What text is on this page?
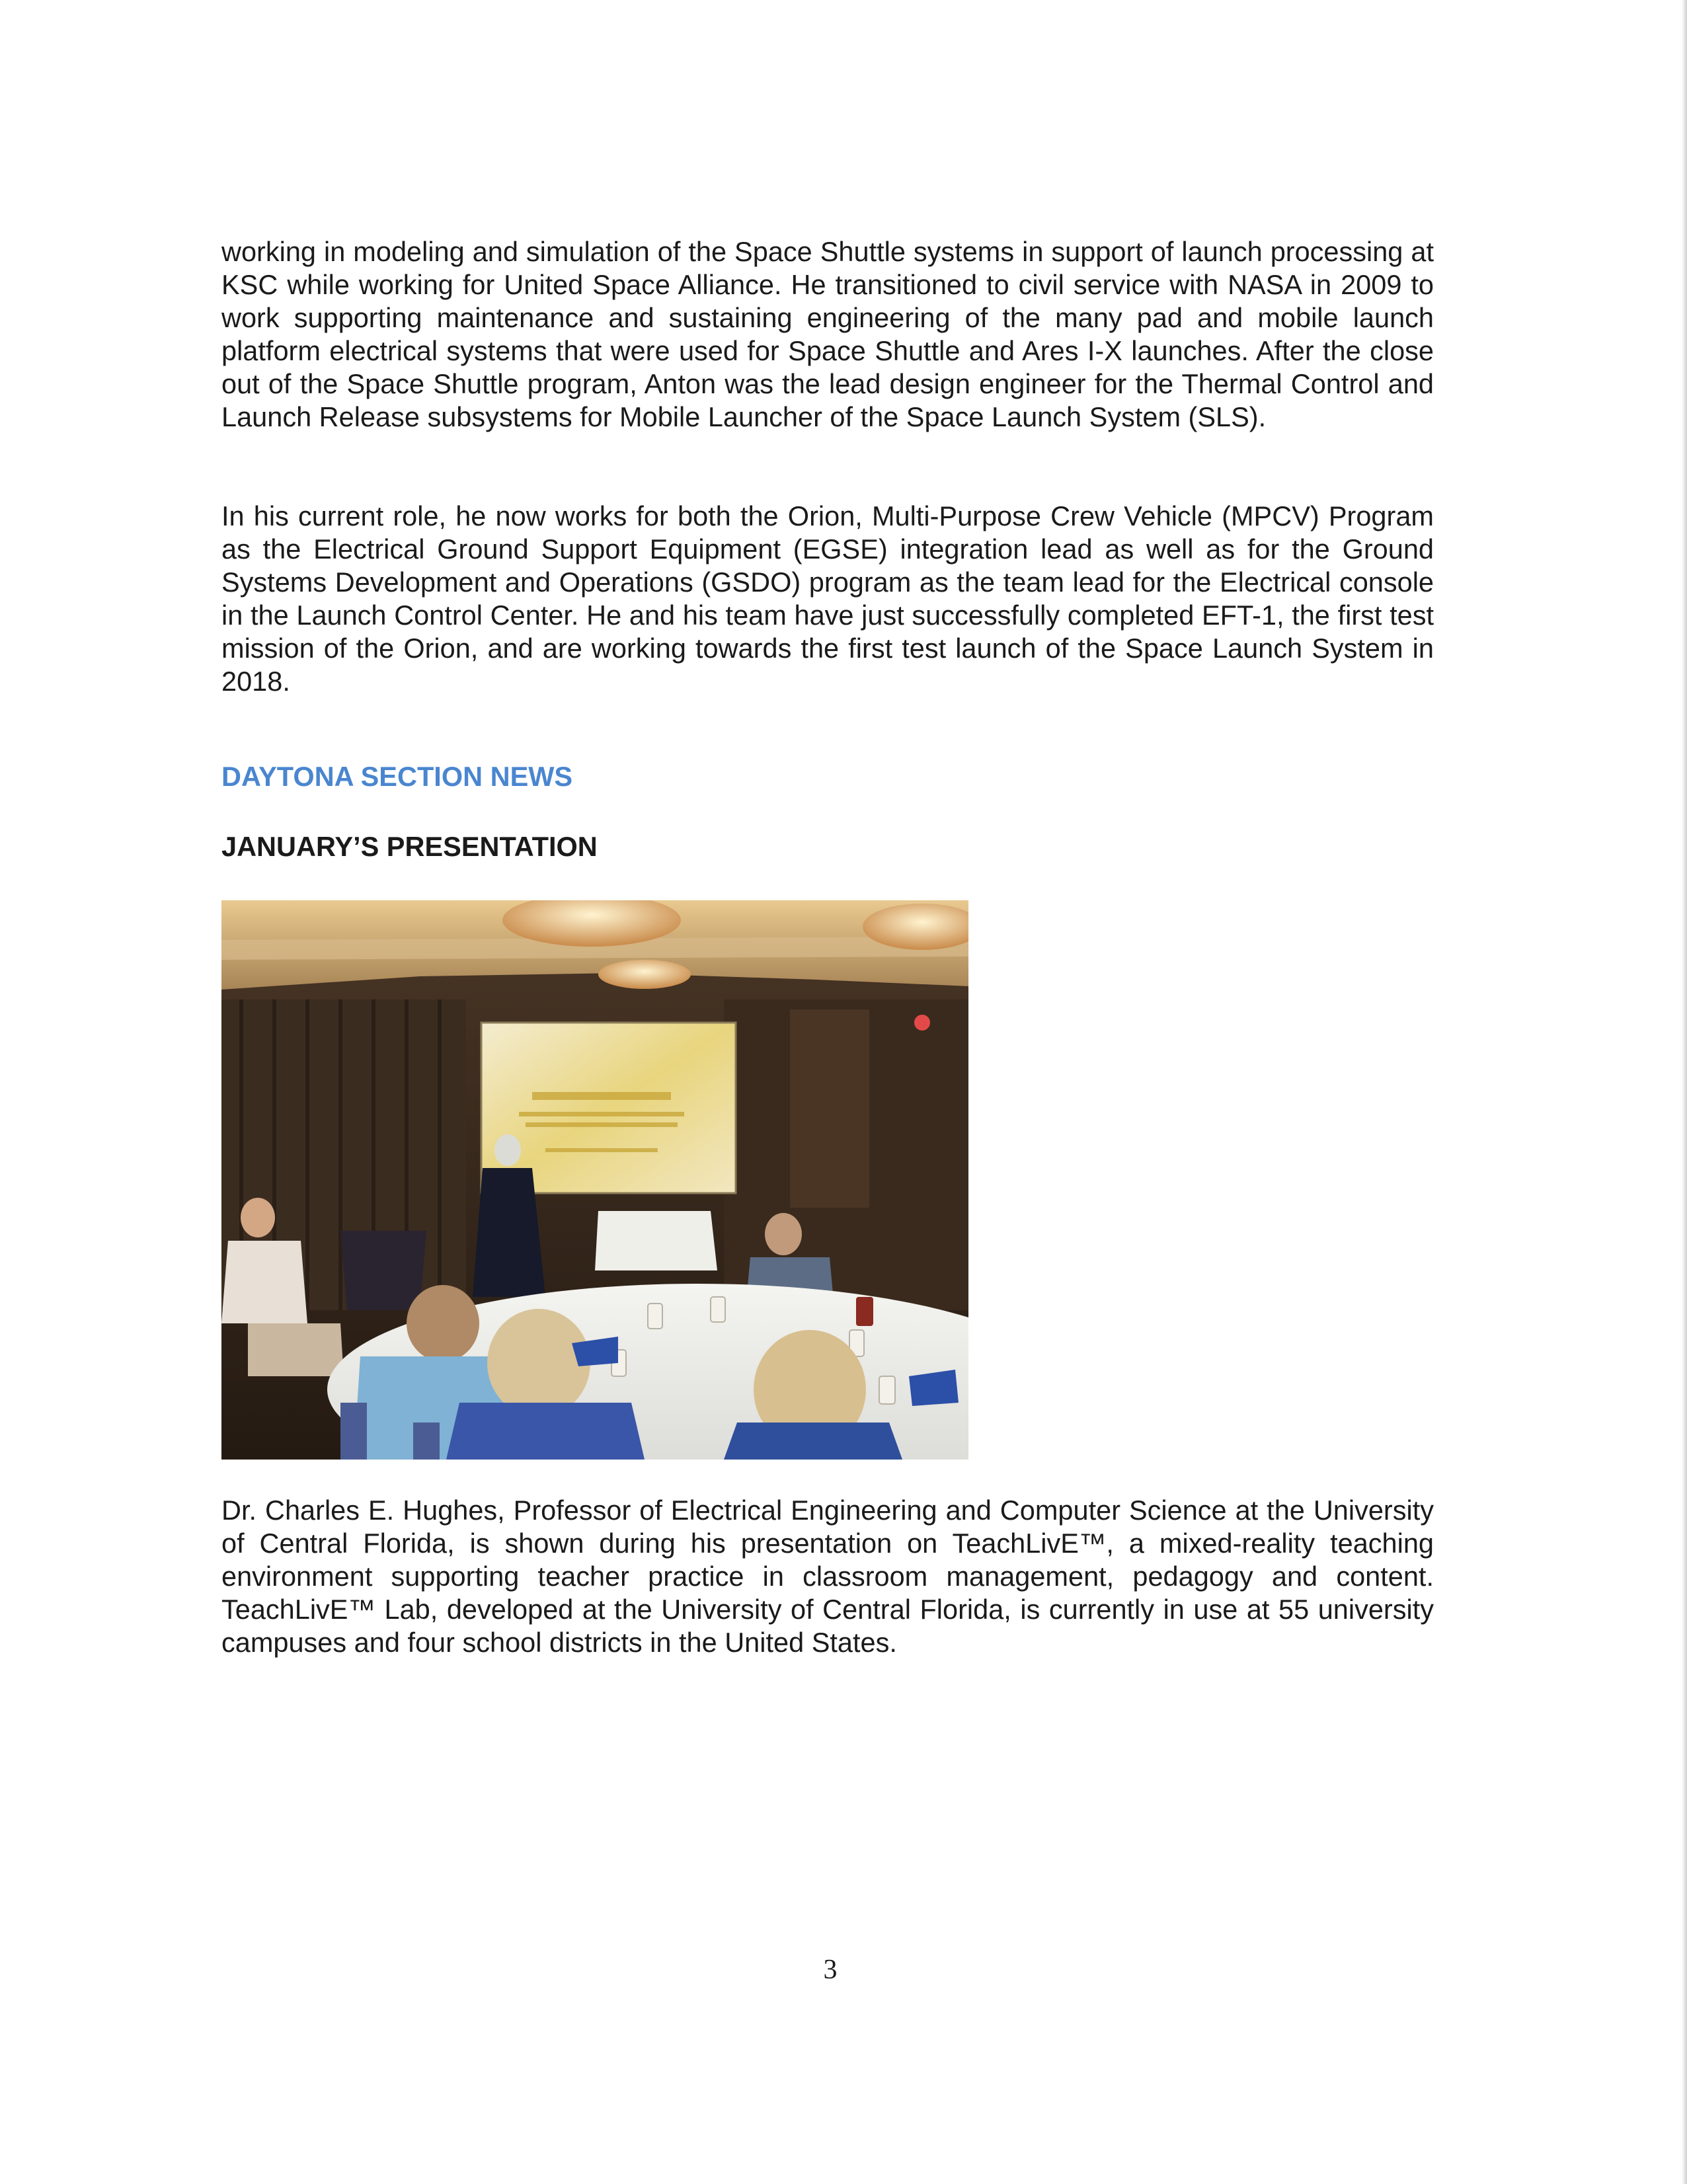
working in modeling and simulation of the Space Shuttle systems in support of launch processing at KSC while working for United Space Alliance. He transitioned to civil service with NASA in 2009 to work supporting maintenance and sustaining engineering of the many pad and mobile launch platform electrical systems that were used for Space Shuttle and Ares I-X launches. After the close out of the Space Shuttle program, Anton was the lead design engineer for the Thermal Control and Launch Release subsystems for Mobile Launcher of the Space Launch System (SLS).

In his current role, he now works for both the Orion, Multi-Purpose Crew Vehicle (MPCV) Program as the Electrical Ground Support Equipment (EGSE) integration lead as well as for the Ground Systems Development and Operations (GSDO) program as the team lead for the Electrical console in the Launch Control Center. He and his team have just successfully completed EFT-1, the first test mission of the Orion, and are working towards the first test launch of the Space Launch System in 2018.

DAYTONA SECTION NEWS
JANUARY’S PRESENTATION

Dr. Charles E. Hughes, Professor of Electrical Engineering and Computer Science at the University of Central Florida, is shown during his presentation on TeachLivE™, a mixed-reality teaching environment supporting teacher practice in classroom management, pedagogy and content. TeachLivE™ Lab, developed at the University of Central Florida, is currently in use at 55 university campuses and four school districts in the United States.

3
